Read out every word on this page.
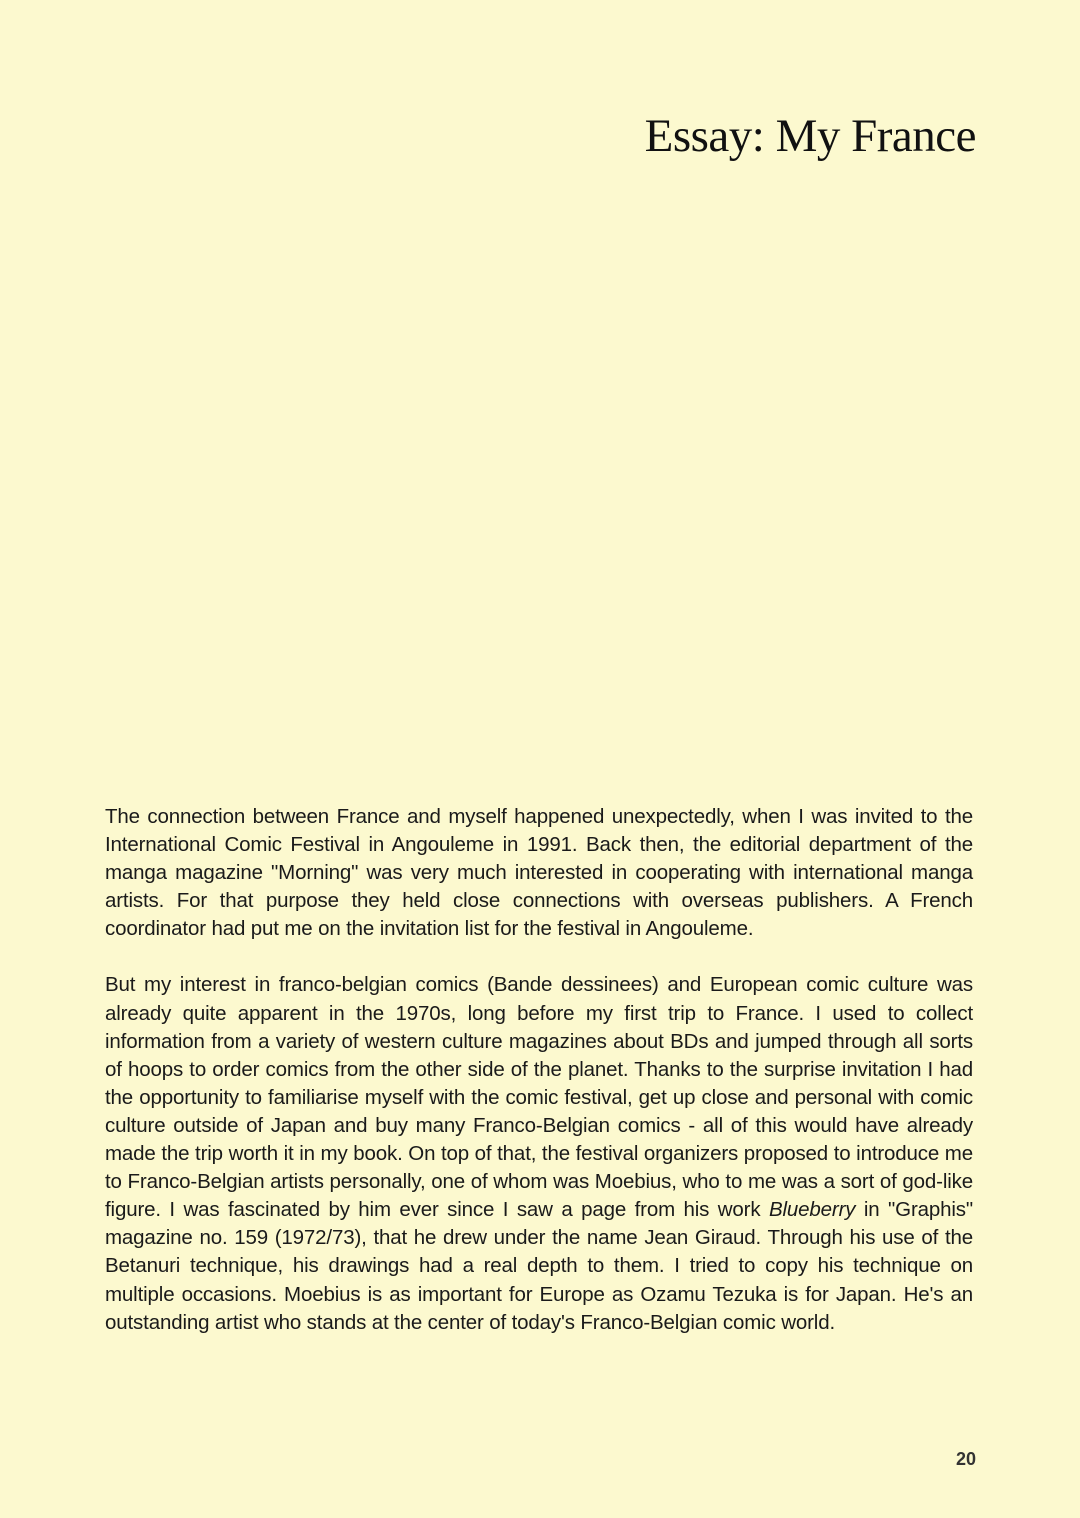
Essay: My France

The connection between France and myself happened unexpectedly, when I was invited to the International Comic Festival in Angouleme in 1991. Back then, the editorial department of the manga magazine "Morning" was very much interested in cooperating with international manga artists. For that purpose they held close connections with overseas publishers. A French coordinator had put me on the invitation list for the festival in Angouleme.

But my interest in franco-belgian comics (Bande dessinees) and European comic culture was already quite apparent in the 1970s, long before my first trip to France. I used to collect information from a variety of western culture magazines about BDs and jumped through all sorts of hoops to order comics from the other side of the planet. Thanks to the surprise invitation I had the opportunity to familiarise myself with the comic festival, get up close and personal with comic culture outside of Japan and buy many Franco-Belgian comics - all of this would have already made the trip worth it in my book. On top of that, the festival organizers proposed to introduce me to Franco-Belgian artists personally, one of whom was Moebius, who to me was a sort of god-like figure. I was fascinated by him ever since I saw a page from his work Blueberry in "Graphis" magazine no. 159 (1972/73), that he drew under the name Jean Giraud. Through his use of the Betanuri technique, his drawings had a real depth to them. I tried to copy his technique on multiple occasions. Moebius is as important for Europe as Ozamu Tezuka is for Japan. He's an outstanding artist who stands at the center of today's Franco-Belgian comic world.

20
